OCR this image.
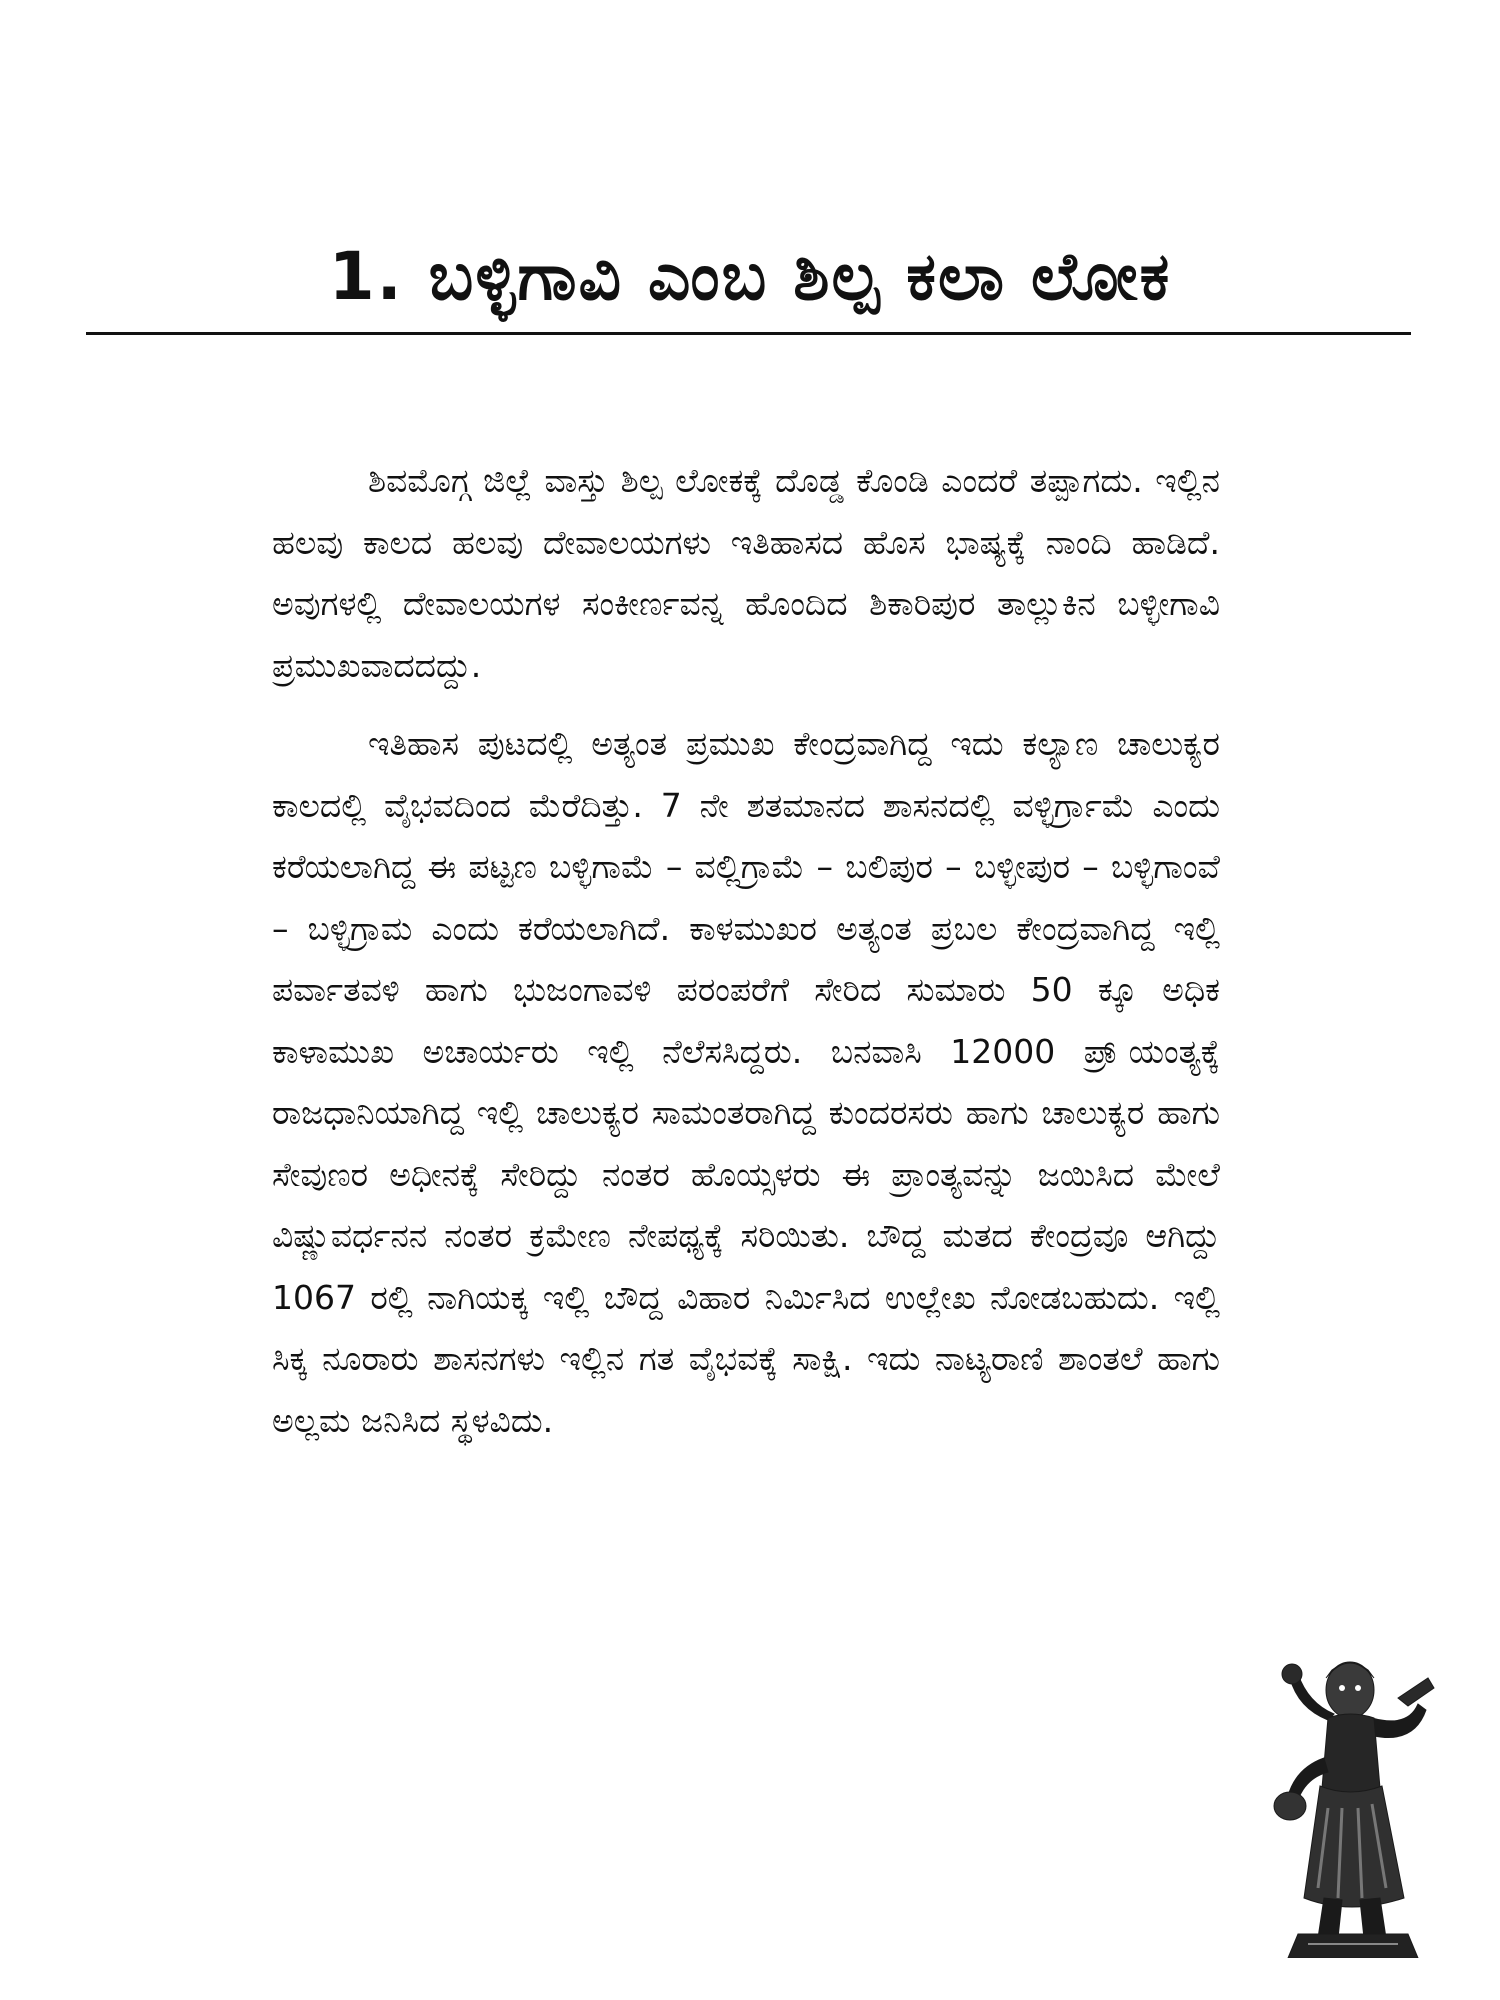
1. ಬಳ್ಳಿಗಾವಿ ಎಂಬ ಶಿಲ್ಪ ಕಲಾ ಲೋಕ

ಶಿವಮೊಗ್ಗ ಜಿಲ್ಲೆ ವಾಸ್ತು ಶಿಲ್ಪ ಲೋಕಕ್ಕೆ ದೊಡ್ಡ ಕೊಂಡಿ ಎಂದರೆ ತಪ್ಪಾಗದು. ಇಲ್ಲಿನ ಹಲವು ಕಾಲದ ಹಲವು ದೇವಾಲಯಗಳು ಇತಿಹಾಸದ ಹೊಸ ಭಾಷ್ಯಕ್ಕೆ ನಾಂದಿ ಹಾಡಿದೆ. ಅವುಗಳಲ್ಲಿ ದೇವಾಲಯಗಳ ಸಂಕೀರ್ಣವನ್ನ ಹೊಂದಿದ ಶಿಕಾರಿಪುರ ತಾಲ್ಲುಕಿನ ಬಳ್ಳೀಗಾವಿ ಪ್ರಮುಖವಾದದದ್ದು.

ಇತಿಹಾಸ ಪುಟದಲ್ಲಿ ಅತ್ಯಂತ ಪ್ರಮುಖ ಕೇಂದ್ರವಾಗಿದ್ದ ಇದು ಕಲ್ಯಾಣ ಚಾಲುಕ್ಯರ ಕಾಲದಲ್ಲಿ ವೈಭವದಿಂದ ಮೆರೆದಿತ್ತು. 7 ನೇ ಶತಮಾನದ ಶಾಸನದಲ್ಲಿ ವಳ್ಳಿರ್ಗ್ರಾಮೆ ಎಂದು ಕರೆಯಲಾಗಿದ್ದ ಈ ಪಟ್ಟಣ ಬಳ್ಳಿಗಾಮೆ – ವಲ್ಲಿಗ್ರಾಮೆ – ಬಲಿಪುರ – ಬಳ್ಳೀಪುರ – ಬಳ್ಳಿಗಾಂವೆ – ಬಳ್ಳಿಗ್ರಾಮ ಎಂದು ಕರೆಯಲಾಗಿದೆ. ಕಾಳಮುಖರ ಅತ್ಯಂತ ಪ್ರಬಲ ಕೇಂದ್ರವಾಗಿದ್ದ ಇಲ್ಲಿ ಪರ್ವಾತವಳಿ ಹಾಗು ಭುಜಂಗಾವಳಿ ಪರಂಪರೆಗೆ ಸೇರಿದ ಸುಮಾರು 50 ಕ್ಕೂ ಅಧಿಕ ಕಾಳಾಮುಖ ಅಚಾರ್ಯರು ಇಲ್ಲಿ ನೆಲೆಸಸಿದ್ದರು. ಬನವಾಸಿ 12000 ಪ್ರಾ್ಯಂತ್ಯಕ್ಕೆ ರಾಜಧಾನಿಯಾಗಿದ್ದ ಇಲ್ಲಿ ಚಾಲುಕ್ಯರ ಸಾಮಂತರಾಗಿದ್ದ ಕುಂದರಸರು ಹಾಗು ಚಾಲುಕ್ಯರ ಹಾಗು ಸೇವುಣರ ಅಧೀನಕ್ಕೆ ಸೇರಿದ್ದು ನಂತರ ಹೊಯ್ಸಳರು ಈ ಪ್ರಾಂತ್ಯವನ್ನು ಜಯಿಸಿದ ಮೇಲೆ ವಿಷ್ಣುವರ್ಧನನ ನಂತರ ಕ್ರಮೇಣ ನೇಪಥ್ಯಕ್ಕೆ ಸರಿಯಿತು. ಬೌದ್ದ ಮತದ ಕೇಂದ್ರವೂ ಆಗಿದ್ದು 1067 ರಲ್ಲಿ ನಾಗಿಯಕ್ಕ ಇಲ್ಲಿ ಬೌದ್ದ ವಿಹಾರ ನಿರ್ಮಿಸಿದ ಉಲ್ಲೇಖ ನೋಡಬಹುದು. ಇಲ್ಲಿ ಸಿಕ್ಕ ನೂರಾರು ಶಾಸನಗಳು ಇಲ್ಲಿನ ಗತ ವೈಭವಕ್ಕೆ ಸಾಕ್ಷಿ. ಇದು ನಾಟ್ಯರಾಣಿ ಶಾಂತಲೆ ಹಾಗು ಅಲ್ಲಮ ಜನಿಸಿದ ಸ್ಥಳವಿದು.
